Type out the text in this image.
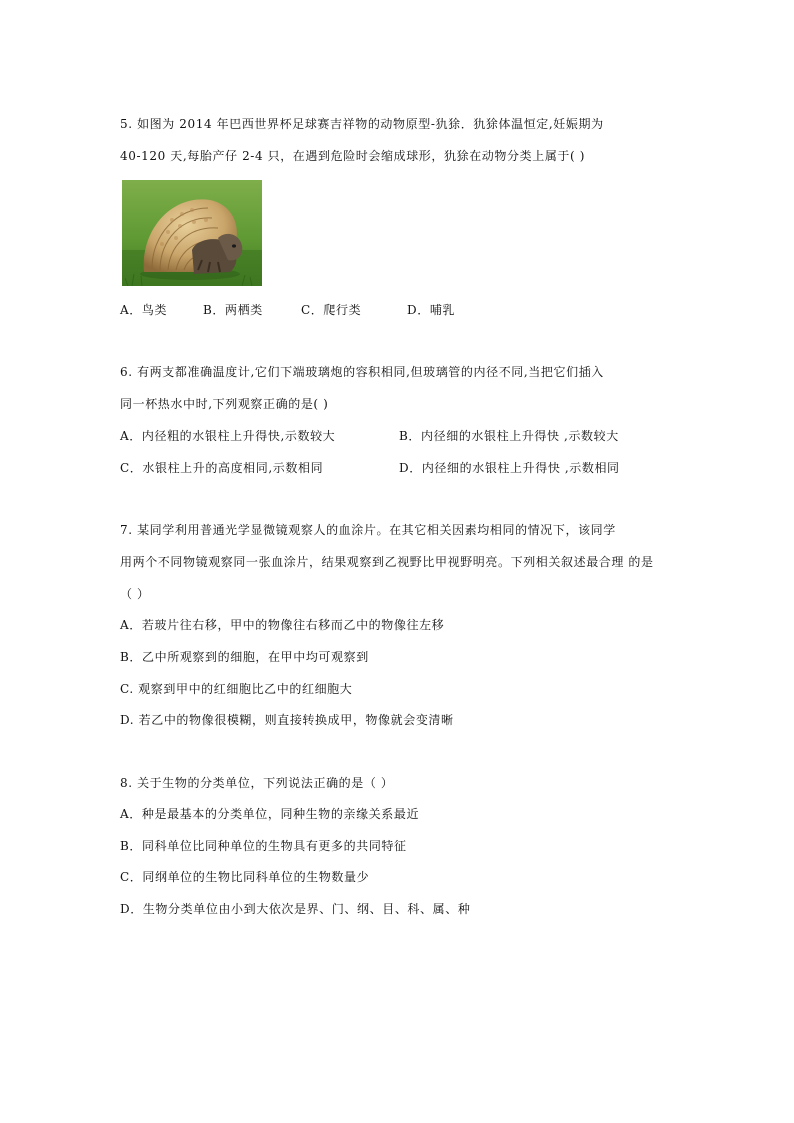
5. 如图为 2014 年巴西世界杯足球赛吉祥物的动物原型-犰狳．犰狳体温恒定,妊娠期为
40-120 天,每胎产仔 2-4 只，在遇到危险时会缩成球形，犰狳在动物分类上属于( )
A．鸟类	B．两栖类	C．爬行类	D．哺乳
6. 有两支都准确温度计,它们下端玻璃炮的容积相同,但玻璃管的内径不同,当把它们插入
同一杯热水中时,下列观察正确的是( )
A．内径粗的水银柱上升得快,示数较大	B．内径细的水银柱上升得快 ,示数较大
C．水银柱上升的高度相同,示数相同	D．内径细的水银柱上升得快 ,示数相同
7. 某同学利用普通光学显微镜观察人的血涂片。在其它相关因素均相同的情况下，该同学
用两个不同物镜观察同一张血涂片，结果观察到乙视野比甲视野明亮。下列相关叙述最合理 的是
（ ）
A．若玻片往右移，甲中的物像往右移而乙中的物像往左移
B．乙中所观察到的细胞，在甲中均可观察到
C. 观察到甲中的红细胞比乙中的红细胞大
D. 若乙中的物像很模糊，则直接转换成甲，物像就会变清晰
8. 关于生物的分类单位，下列说法正确的是（ ）
A．种是最基本的分类单位，同种生物的亲缘关系最近
B．同科单位比同种单位的生物具有更多的共同特征
C．同纲单位的生物比同科单位的生物数量少
D．生物分类单位由小到大依次是界、门、纲、目、科、属、种
